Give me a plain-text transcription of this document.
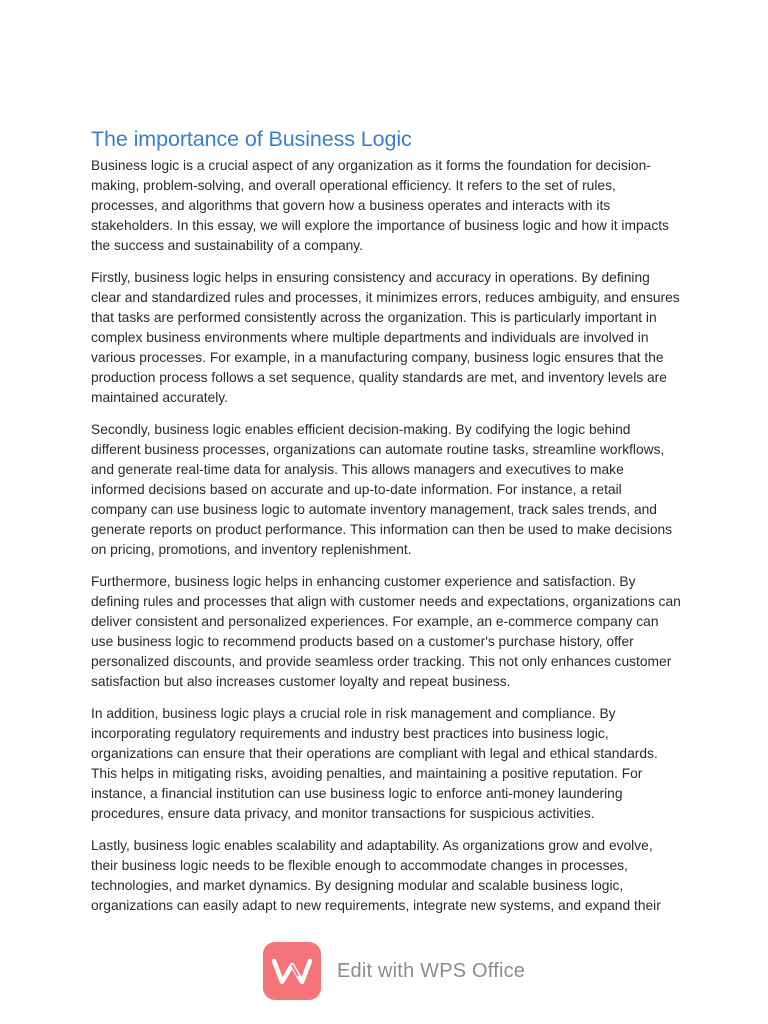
The importance of Business Logic

Business logic is a crucial aspect of any organization as it forms the foundation for decision-making, problem-solving, and overall operational efficiency. It refers to the set of rules, processes, and algorithms that govern how a business operates and interacts with its stakeholders. In this essay, we will explore the importance of business logic and how it impacts the success and sustainability of a company.

Firstly, business logic helps in ensuring consistency and accuracy in operations. By defining clear and standardized rules and processes, it minimizes errors, reduces ambiguity, and ensures that tasks are performed consistently across the organization. This is particularly important in complex business environments where multiple departments and individuals are involved in various processes. For example, in a manufacturing company, business logic ensures that the production process follows a set sequence, quality standards are met, and inventory levels are maintained accurately.

Secondly, business logic enables efficient decision-making. By codifying the logic behind different business processes, organizations can automate routine tasks, streamline workflows, and generate real-time data for analysis. This allows managers and executives to make informed decisions based on accurate and up-to-date information. For instance, a retail company can use business logic to automate inventory management, track sales trends, and generate reports on product performance. This information can then be used to make decisions on pricing, promotions, and inventory replenishment.

Furthermore, business logic helps in enhancing customer experience and satisfaction. By defining rules and processes that align with customer needs and expectations, organizations can deliver consistent and personalized experiences. For example, an e-commerce company can use business logic to recommend products based on a customer's purchase history, offer personalized discounts, and provide seamless order tracking. This not only enhances customer satisfaction but also increases customer loyalty and repeat business.

In addition, business logic plays a crucial role in risk management and compliance. By incorporating regulatory requirements and industry best practices into business logic, organizations can ensure that their operations are compliant with legal and ethical standards. This helps in mitigating risks, avoiding penalties, and maintaining a positive reputation. For instance, a financial institution can use business logic to enforce anti-money laundering procedures, ensure data privacy, and monitor transactions for suspicious activities.

Lastly, business logic enables scalability and adaptability. As organizations grow and evolve, their business logic needs to be flexible enough to accommodate changes in processes, technologies, and market dynamics. By designing modular and scalable business logic, organizations can easily adapt to new requirements, integrate new systems, and expand their

Edit with WPS Office
